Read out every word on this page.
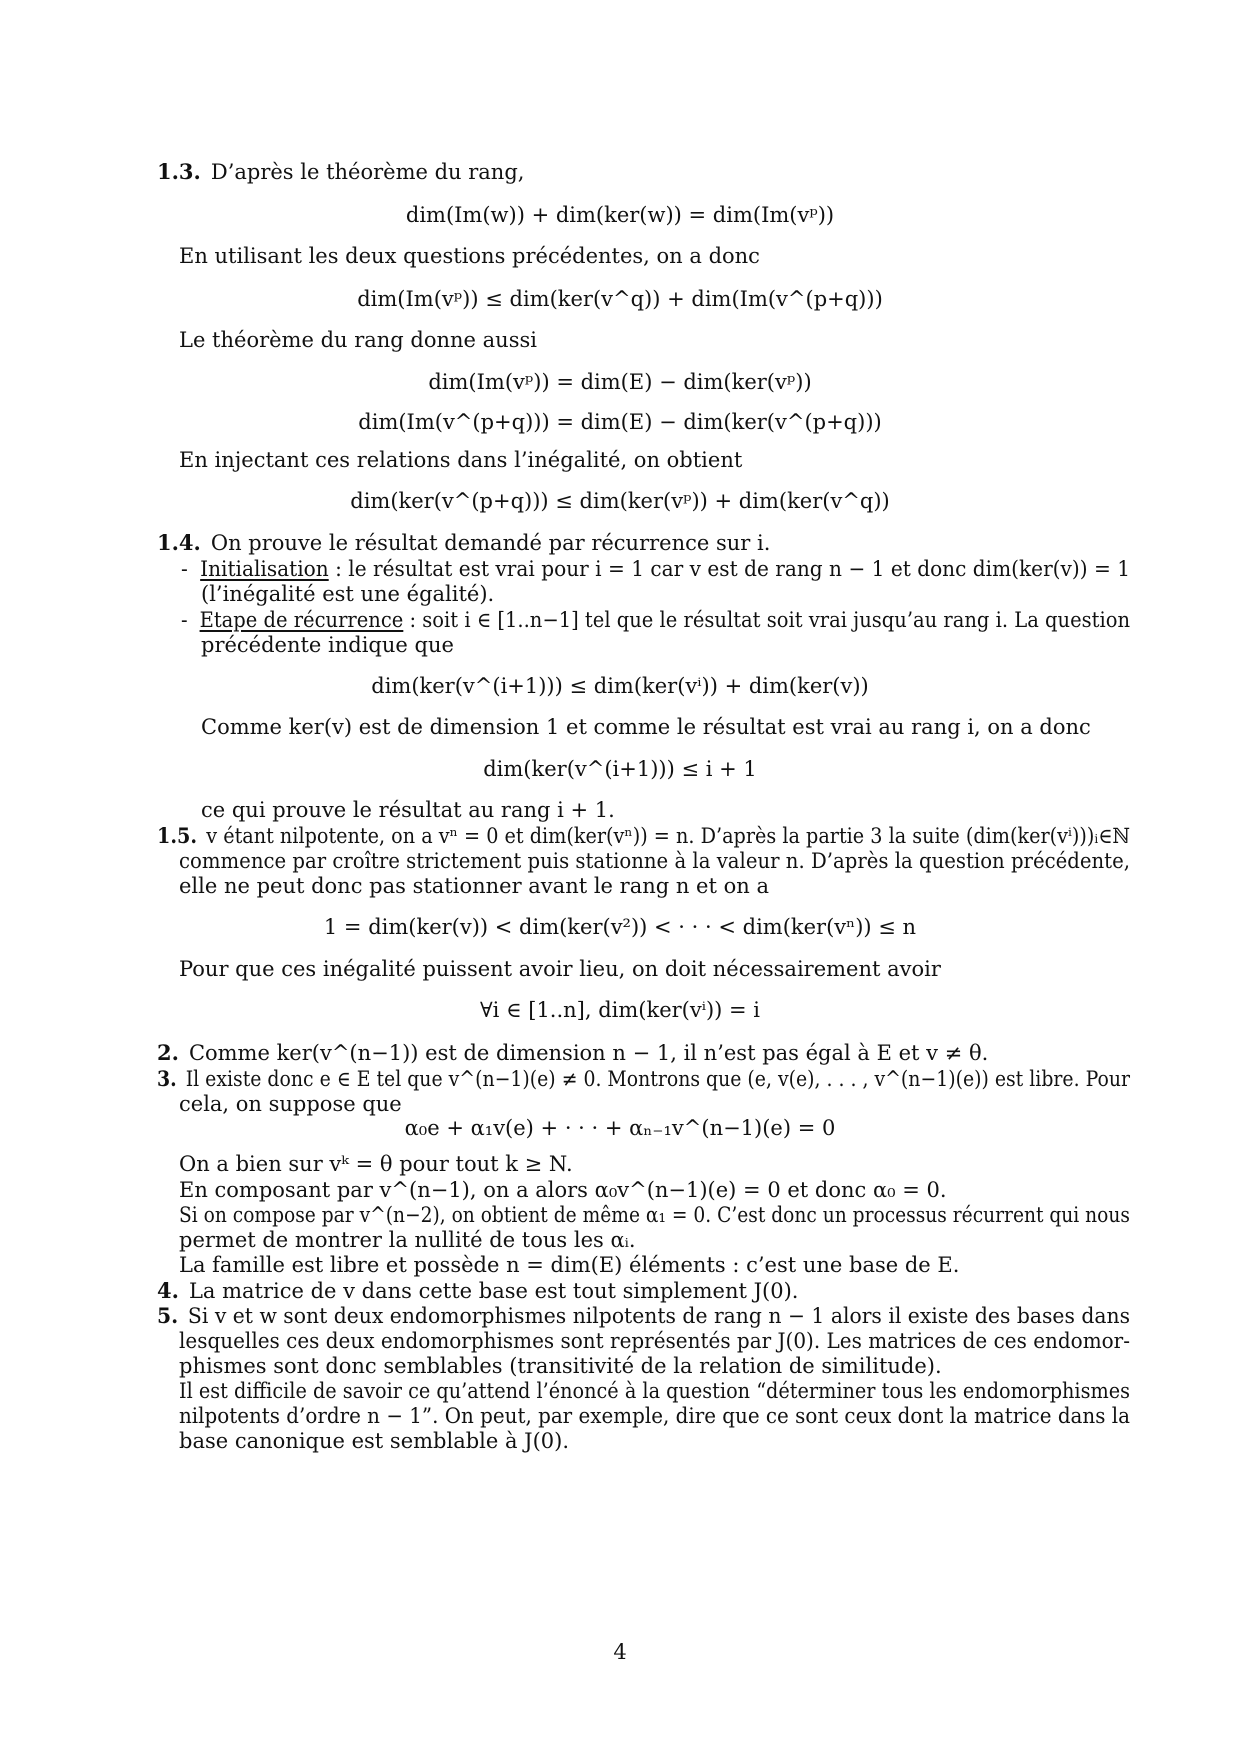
1.3. D’après le théorème du rang,
dim(Im(w)) + dim(ker(w)) = dim(Im(vᵖ))
En utilisant les deux questions précédentes, on a donc
dim(Im(vᵖ)) ≤ dim(ker(v^q)) + dim(Im(v^(p+q)))
Le théorème du rang donne aussi
dim(Im(vᵖ)) = dim(E) − dim(ker(vᵖ))
dim(Im(v^(p+q))) = dim(E) − dim(ker(v^(p+q)))
En injectant ces relations dans l’inégalité, on obtient
dim(ker(v^(p+q))) ≤ dim(ker(vᵖ)) + dim(ker(v^q))
1.4. On prouve le résultat demandé par récurrence sur i.
- Initialisation : le résultat est vrai pour i = 1 car v est de rang n − 1 et donc dim(ker(v)) = 1
(l’inégalité est une égalité).
- Etape de récurrence : soit i ∈ [1..n−1] tel que le résultat soit vrai jusqu’au rang i. La question
précédente indique que
dim(ker(v^(i+1))) ≤ dim(ker(vⁱ)) + dim(ker(v))
Comme ker(v) est de dimension 1 et comme le résultat est vrai au rang i, on a donc
dim(ker(v^(i+1))) ≤ i + 1
ce qui prouve le résultat au rang i + 1.
1.5. v étant nilpotente, on a vⁿ = 0 et dim(ker(vⁿ)) = n. D’après la partie 3 la suite (dim(ker(vⁱ)))ᵢ∈ℕ
commence par croître strictement puis stationne à la valeur n. D’après la question précédente,
elle ne peut donc pas stationner avant le rang n et on a
1 = dim(ker(v)) < dim(ker(v²)) < · · · < dim(ker(vⁿ)) ≤ n
Pour que ces inégalité puissent avoir lieu, on doit nécessairement avoir
∀i ∈ [1..n], dim(ker(vⁱ)) = i
2. Comme ker(v^(n−1)) est de dimension n − 1, il n’est pas égal à E et v ≠ θ.
3. Il existe donc e ∈ E tel que v^(n−1)(e) ≠ 0. Montrons que (e, v(e), . . . , v^(n−1)(e)) est libre. Pour
cela, on suppose que
α₀e + α₁v(e) + · · · + αₙ₋₁v^(n−1)(e) = 0
On a bien sur vᵏ = θ pour tout k ≥ N.
En composant par v^(n−1), on a alors α₀v^(n−1)(e) = 0 et donc α₀ = 0.
Si on compose par v^(n−2), on obtient de même α₁ = 0. C’est donc un processus récurrent qui nous
permet de montrer la nullité de tous les αᵢ.
La famille est libre et possède n = dim(E) éléments : c’est une base de E.
4. La matrice de v dans cette base est tout simplement J(0).
5. Si v et w sont deux endomorphismes nilpotents de rang n − 1 alors il existe des bases dans
lesquelles ces deux endomorphismes sont représentés par J(0). Les matrices de ces endomor-
phismes sont donc semblables (transitivité de la relation de similitude).
Il est difficile de savoir ce qu’attend l’énoncé à la question “déterminer tous les endomorphismes
nilpotents d’ordre n − 1”. On peut, par exemple, dire que ce sont ceux dont la matrice dans la
base canonique est semblable à J(0).
4
